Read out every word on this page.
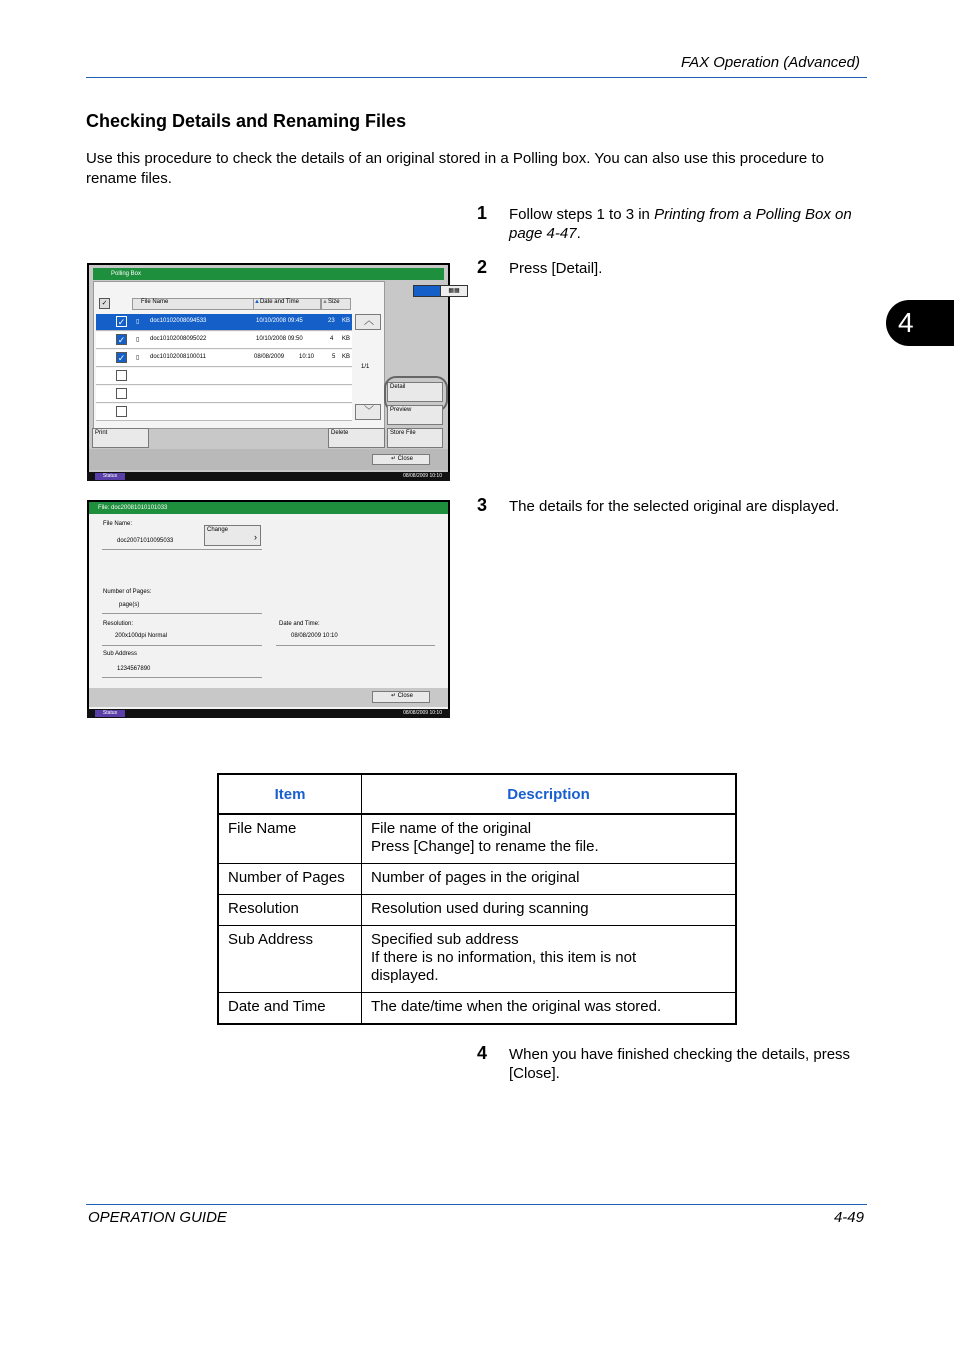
FAX Operation (Advanced)
Checking Details and Renaming Files
Use this procedure to check the details of an original stored in a Polling box. You can also use this procedure to rename files.
4
1 Follow steps 1 to 3 in Printing from a Polling Box on page 4-47.
2 Press [Detail].
3 The details for the selected original are displayed.
4 When you have finished checking the details, press [Close].
Polling Box
▦▦
✓	File Name	▲Date and Time	▲Size
✓ ▯ doc10102008094533	10/10/2008 09:45	23 KB
✓ ▯ doc10102008095022	10/10/2008 09:50	4 KB
✓ ▯ doc10102008100011	08/08/2009 10:10	5 KB
︿
1/1
﹀
Detail
Preview
Print	Delete	Store File
↵ Close
Status	08/08/2009 10:10
File: doc20081010101033
File Name:
doc20071010095033
Change
›
Number of Pages:
page(s)
Resolution:
200x100dpi Normal
Date and Time:
08/08/2009 10:10
Sub Address
1234567890
↵ Close
Status	08/08/2009 10:10
Item	Description
File Name	File name of the original
Press [Change] to rename the file.

Number of Pages	Number of pages in the original

Resolution	Resolution used during scanning

Sub Address	Specified sub address
If there is no information, this item is not
displayed.

Date and Time	The date/time when the original was stored.
OPERATION GUIDE	4-49
